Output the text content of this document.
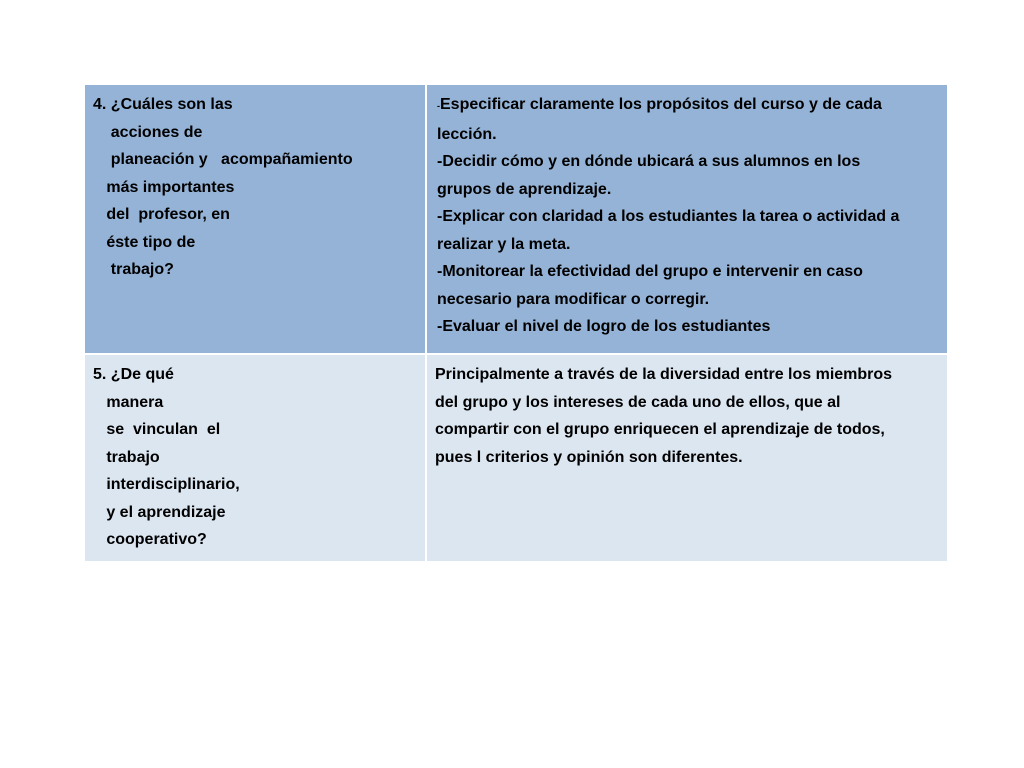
4. ¿Cuáles son las
acciones de
planeación y   acompañamiento
más importantes
del  profesor, en
éste tipo de
trabajo?
-Especificar claramente los propósitos del curso y de cada
lección.
-Decidir cómo y en dónde ubicará a sus alumnos en los
grupos de aprendizaje.
-Explicar con claridad a los estudiantes la tarea o actividad a
realizar y la meta.
-Monitorear la efectividad del grupo e intervenir en caso
necesario para modificar o corregir.
-Evaluar el nivel de logro de los estudiantes
5. ¿De qué
manera
se  vinculan  el
trabajo
interdisciplinario,
y el aprendizaje
cooperativo?
Principalmente a través de la diversidad entre los miembros
del grupo y los intereses de cada uno de ellos, que al
compartir con el grupo enriquecen el aprendizaje de todos,
pues l criterios y opinión son diferentes.
